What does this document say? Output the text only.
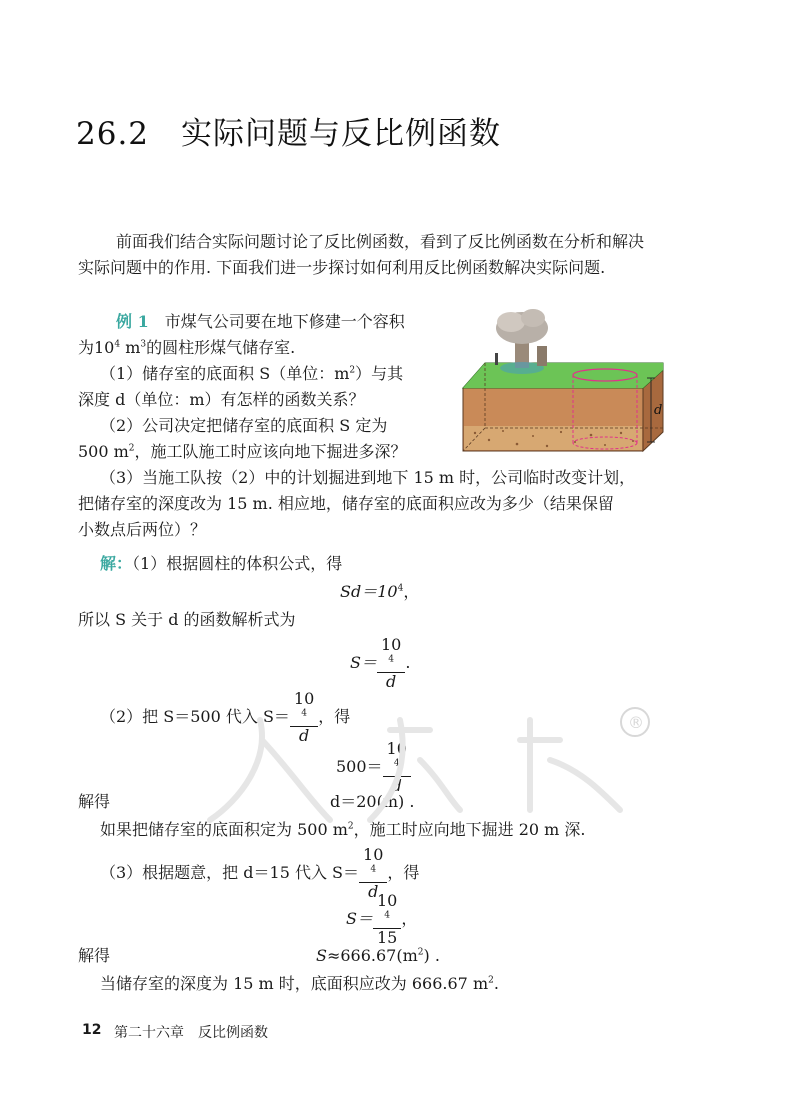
26.2　实际问题与反比例函数
前面我们结合实际问题讨论了反比例函数，看到了反比例函数在分析和解决
实际问题中的作用. 下面我们进一步探讨如何利用反比例函数解决实际问题.
例 1　 市煤气公司要在地下修建一个容积
为$10^4$ $m^3$的圆柱形煤气储存室.
（1）储存室的底面积 S（单位：$m^2$）与其
深度 d（单位：m）有怎样的函数关系？
（2）公司决定把储存室的底面积 S 定为
500 $m^2$，施工队施工时应该向地下掘进多深？
（3）当施工队按（2）中的计划掘进到地下 15 m 时，公司临时改变计划，
把储存室的深度改为 15 m. 相应地，储存室的底面积应改为多少（结果保留
小数点后两位）？
d
解：（1）根据圆柱的体积公式，得
$Sd=10^4$，
所以 S 关于 d 的函数解析式为
S＝ 10
$^4$
d .
（2）把 S＝500 代入 S＝ 10
$^4$
d ，得
500＝ 10
$^4$
d
解得	d＝20(m) .
如果把储存室的底面积定为 500 $m^2$，施工时应向地下掘进 20 m 深.
（3）根据题意，把 d＝15 代入 S＝ 10
$^4$
d ，得
S＝ 10
$^4$
15 ，
解得	$S\approx 666.67(m^2)$ .
当储存室的深度为 15 m 时，底面积应改为 666.67 $m^2$.
®
12 第二十六章　反比例函数
